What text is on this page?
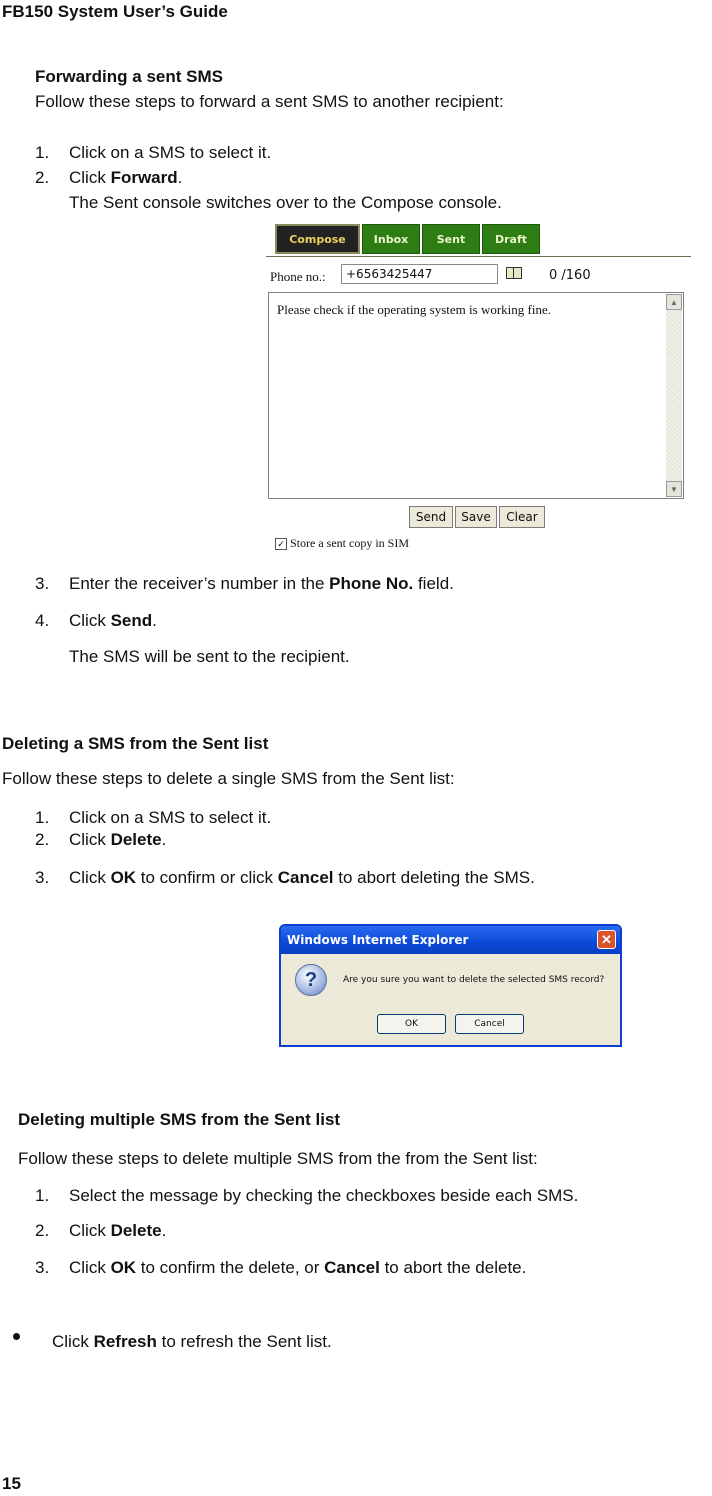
FB150 System User’s Guide
Forwarding a sent SMS
Follow these steps to forward a sent SMS to another recipient:
1. Click on a SMS to select it.
2. Click Forward.
The Sent console switches over to the Compose console.
Compose	Inbox	Sent	Draft
Phone no.:	+6563425447	0 /160
Please check if the operating system is working fine.	▲
▼
Send	Save	Clear
✓ Store a sent copy in SIM
3. Enter the receiver’s number in the Phone No. field.
4. Click Send.
The SMS will be sent to the recipient.
Deleting a SMS from the Sent list
Follow these steps to delete a single SMS from the Sent list:
1. Click on a SMS to select it.
2. Click Delete.
3. Click OK to confirm or click Cancel to abort deleting the SMS.
Windows Internet Explorer	✕
?	Are you sure you want to delete the selected SMS record?
OK	Cancel
Deleting multiple SMS from the Sent list
Follow these steps to delete multiple SMS from the from the Sent list:
1. Select the message by checking the checkboxes beside each SMS.
2. Click Delete.
3. Click OK to confirm the delete, or Cancel to abort the delete.
Click Refresh to refresh the Sent list.
15
